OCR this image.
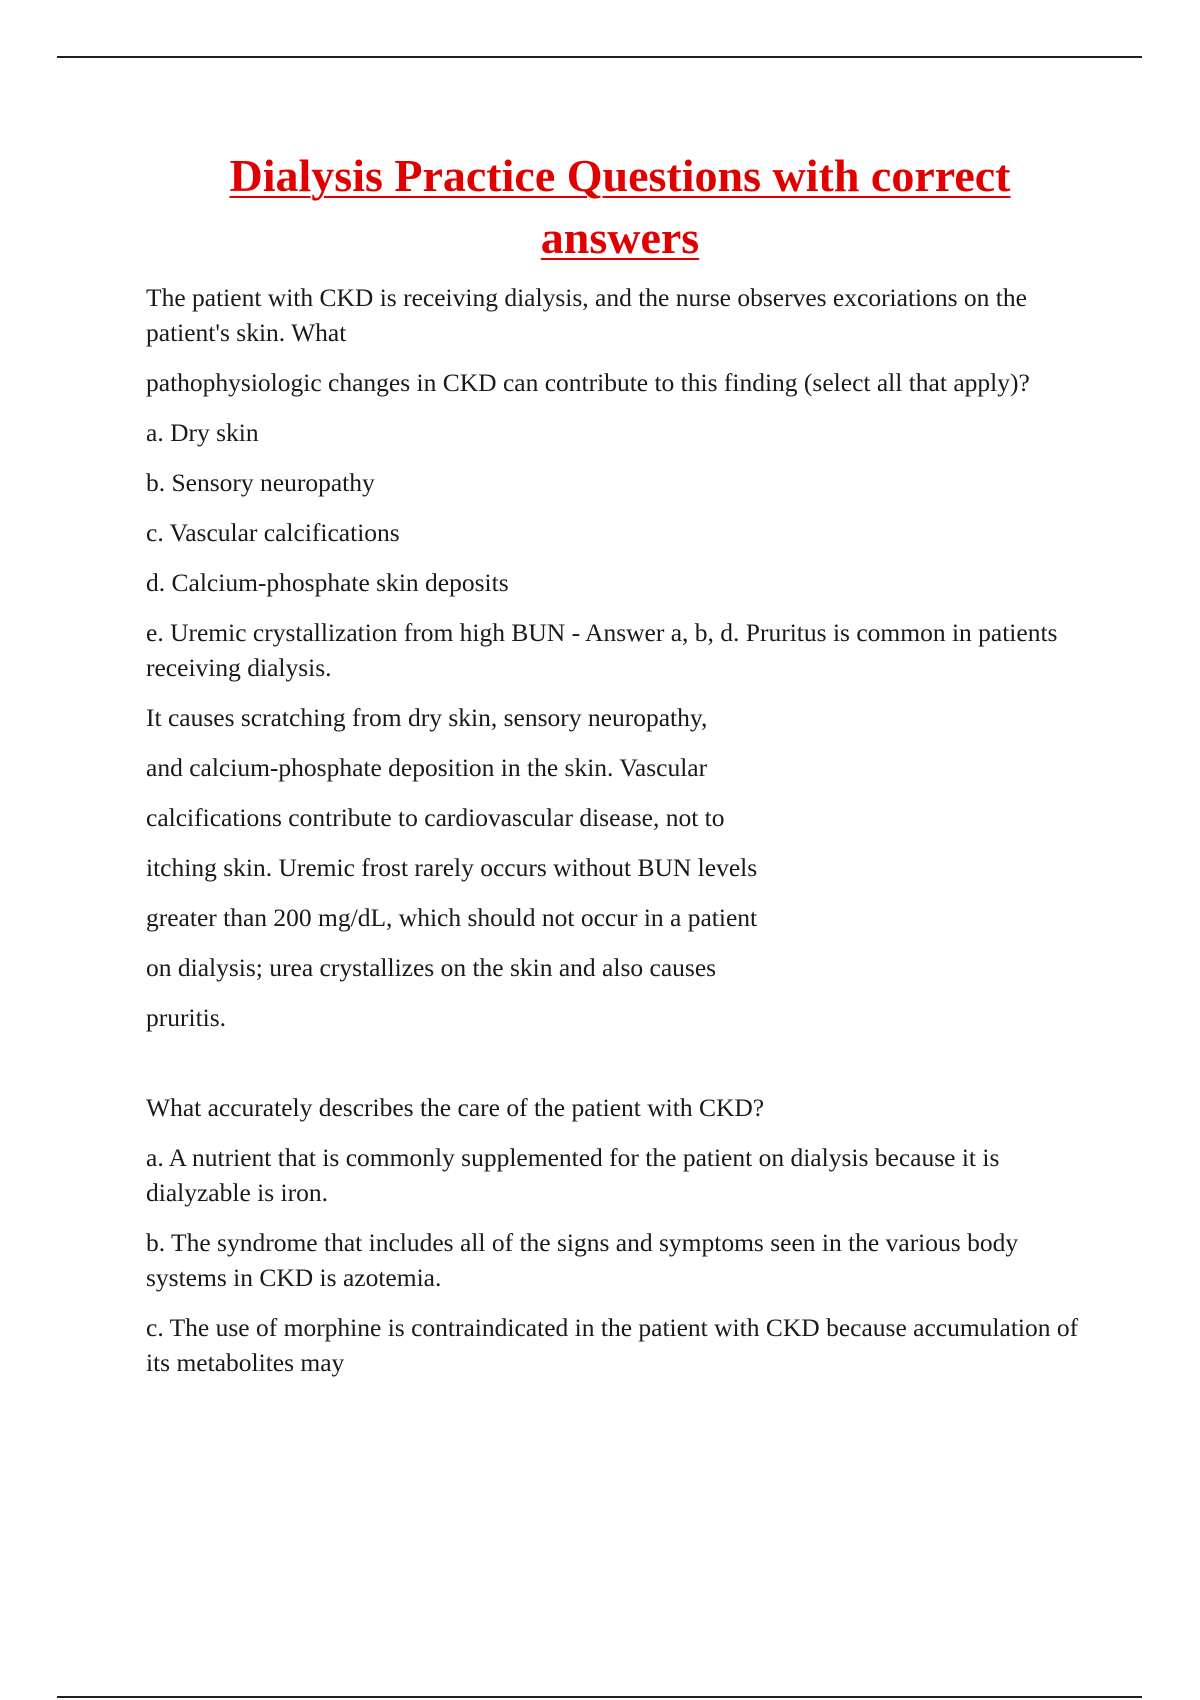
Dialysis Practice Questions with correct
answers

The patient with CKD is receiving dialysis, and the nurse observes excoriations on the patient's skin. What

pathophysiologic changes in CKD can contribute to this finding (select all that apply)?

a. Dry skin

b. Sensory neuropathy

c. Vascular calcifications

d. Calcium-phosphate skin deposits

e. Uremic crystallization from high BUN - Answer a, b, d. Pruritus is common in patients receiving dialysis.

It causes scratching from dry skin, sensory neuropathy,

and calcium-phosphate deposition in the skin. Vascular

calcifications contribute to cardiovascular disease, not to

itching skin. Uremic frost rarely occurs without BUN levels

greater than 200 mg/dL, which should not occur in a patient

on dialysis; urea crystallizes on the skin and also causes

pruritis.

What accurately describes the care of the patient with CKD?

a. A nutrient that is commonly supplemented for the patient on dialysis because it is dialyzable is iron.

b. The syndrome that includes all of the signs and symptoms seen in the various body systems in CKD is azotemia.

c. The use of morphine is contraindicated in the patient with CKD because accumulation of its metabolites may
